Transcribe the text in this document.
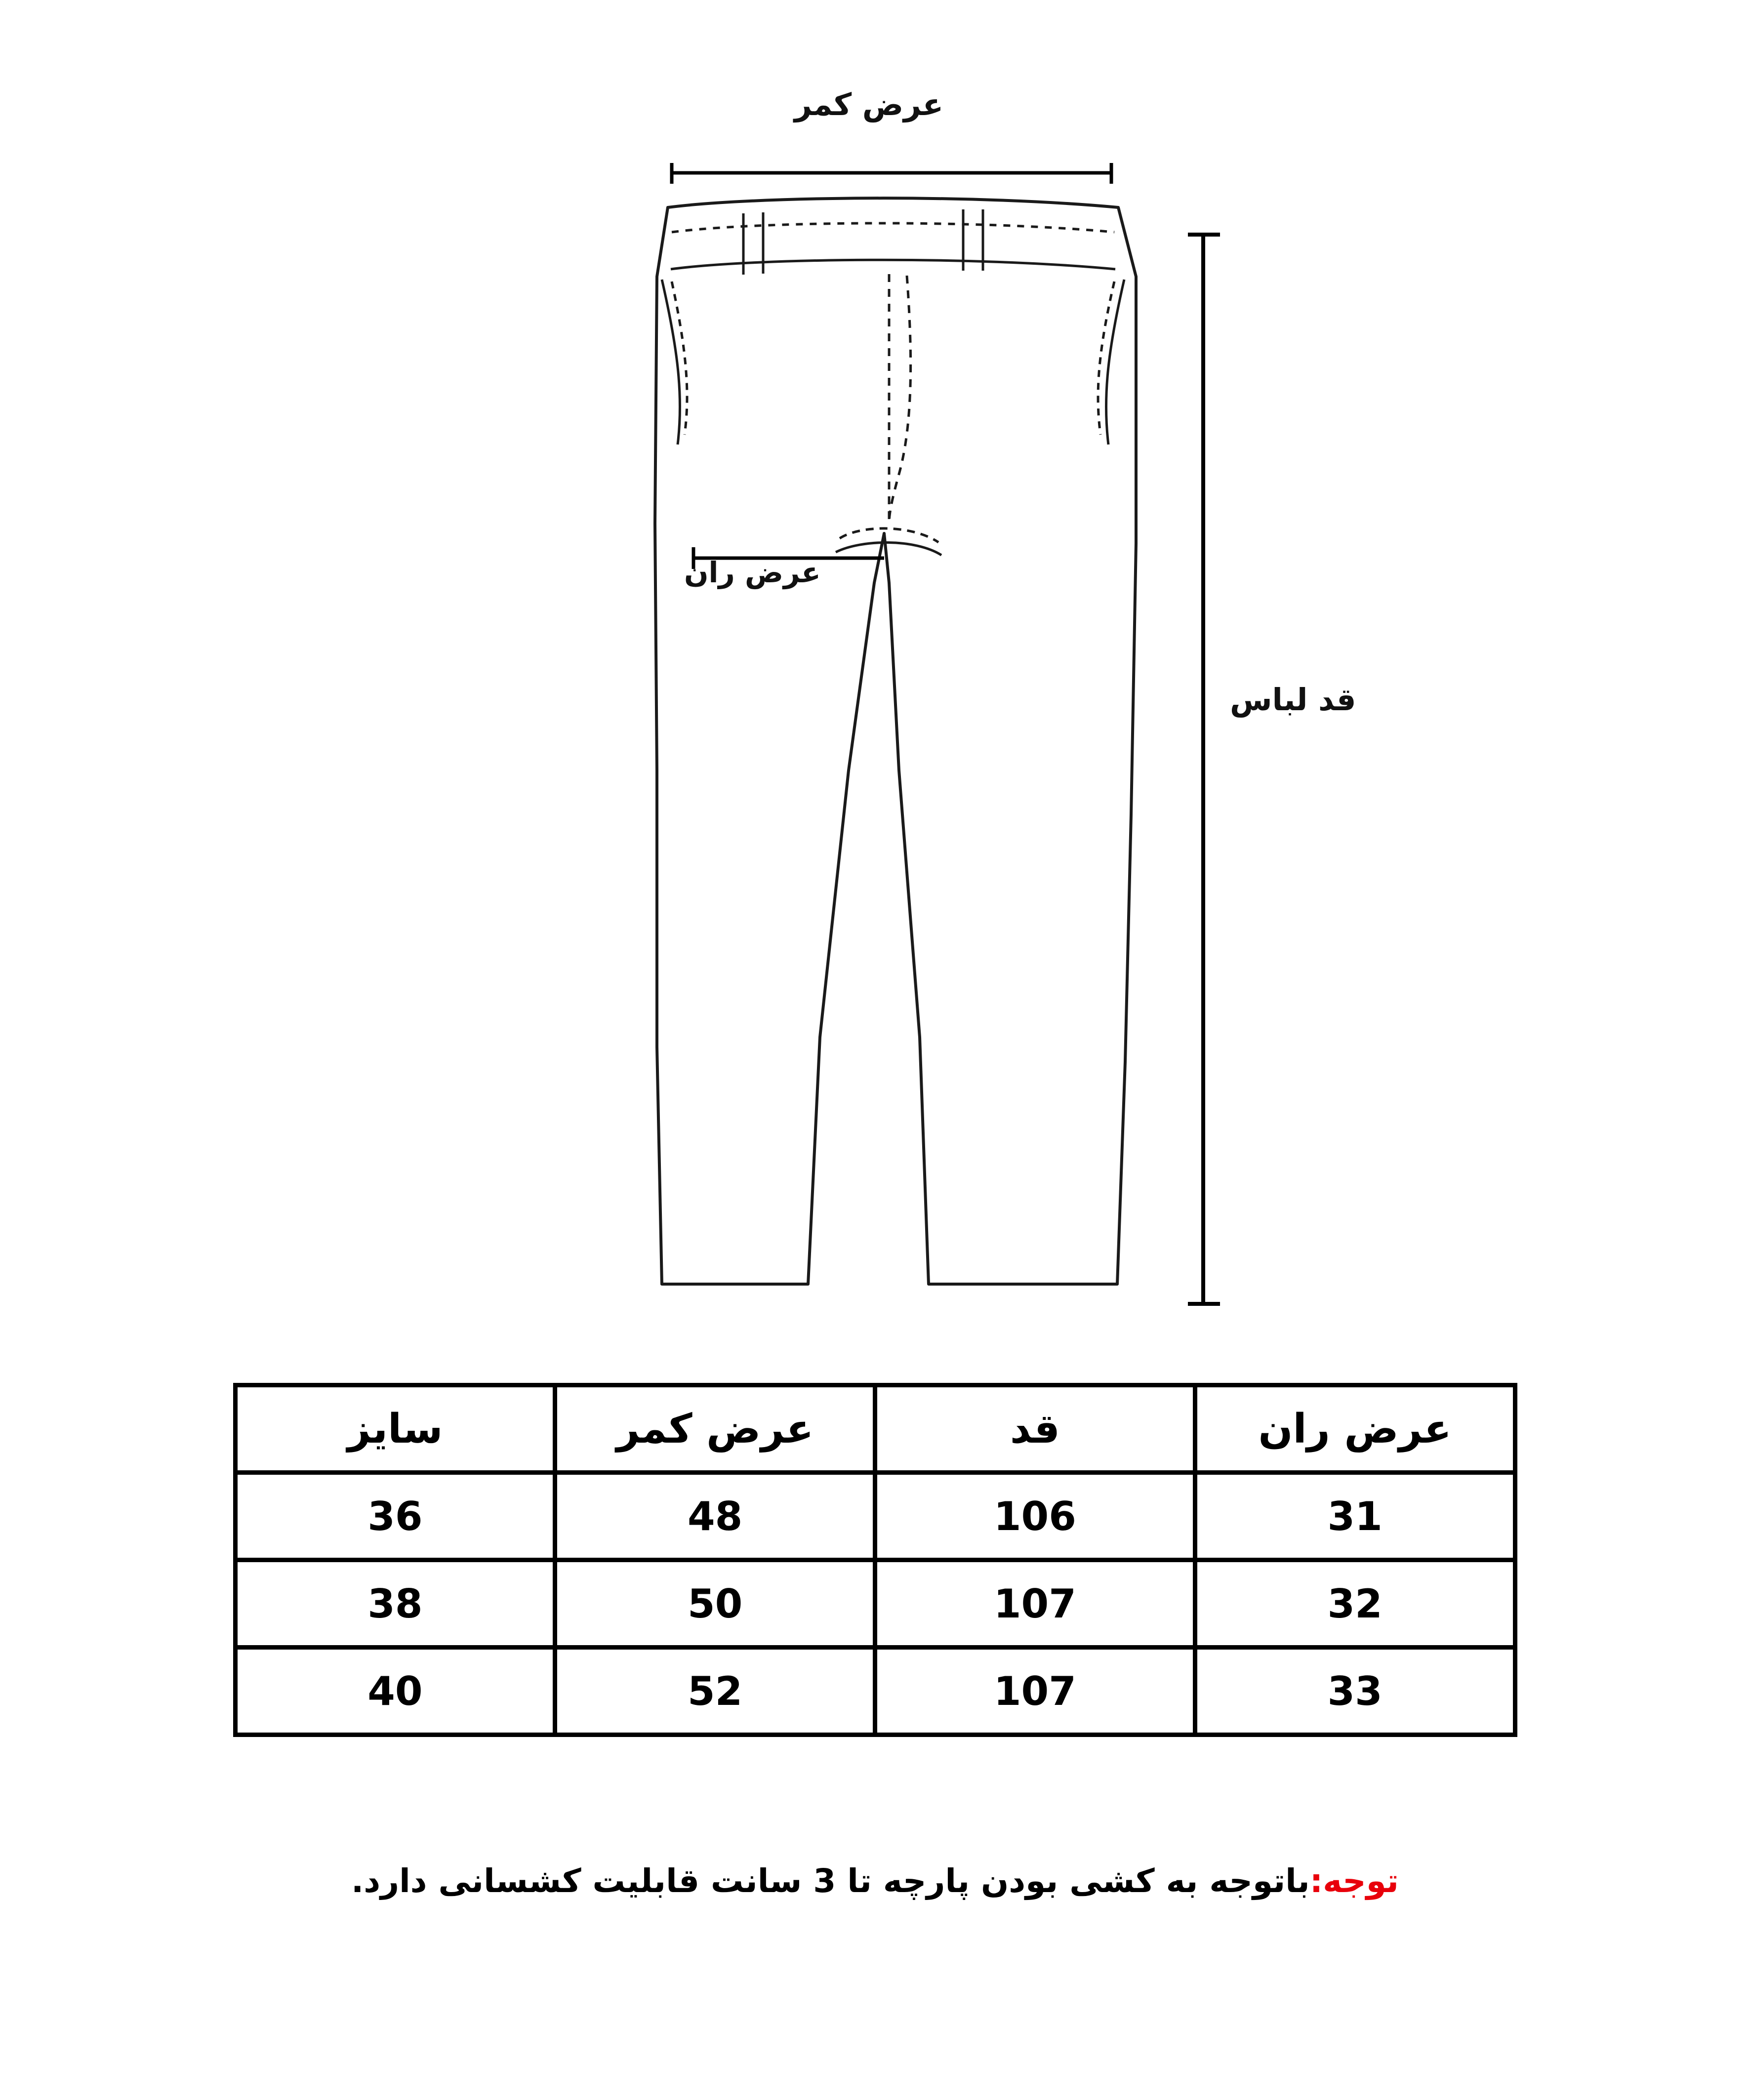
عرض کمر
عرض ران
قد لباس
عرض ران	قد	عرض کمر	سایز
31	106	48	36
32	107	50	38
33	107	52	40
توجه:باتوجه به کشی بودن پارچه تا 3 سانت قابلیت کشسانی دارد.
